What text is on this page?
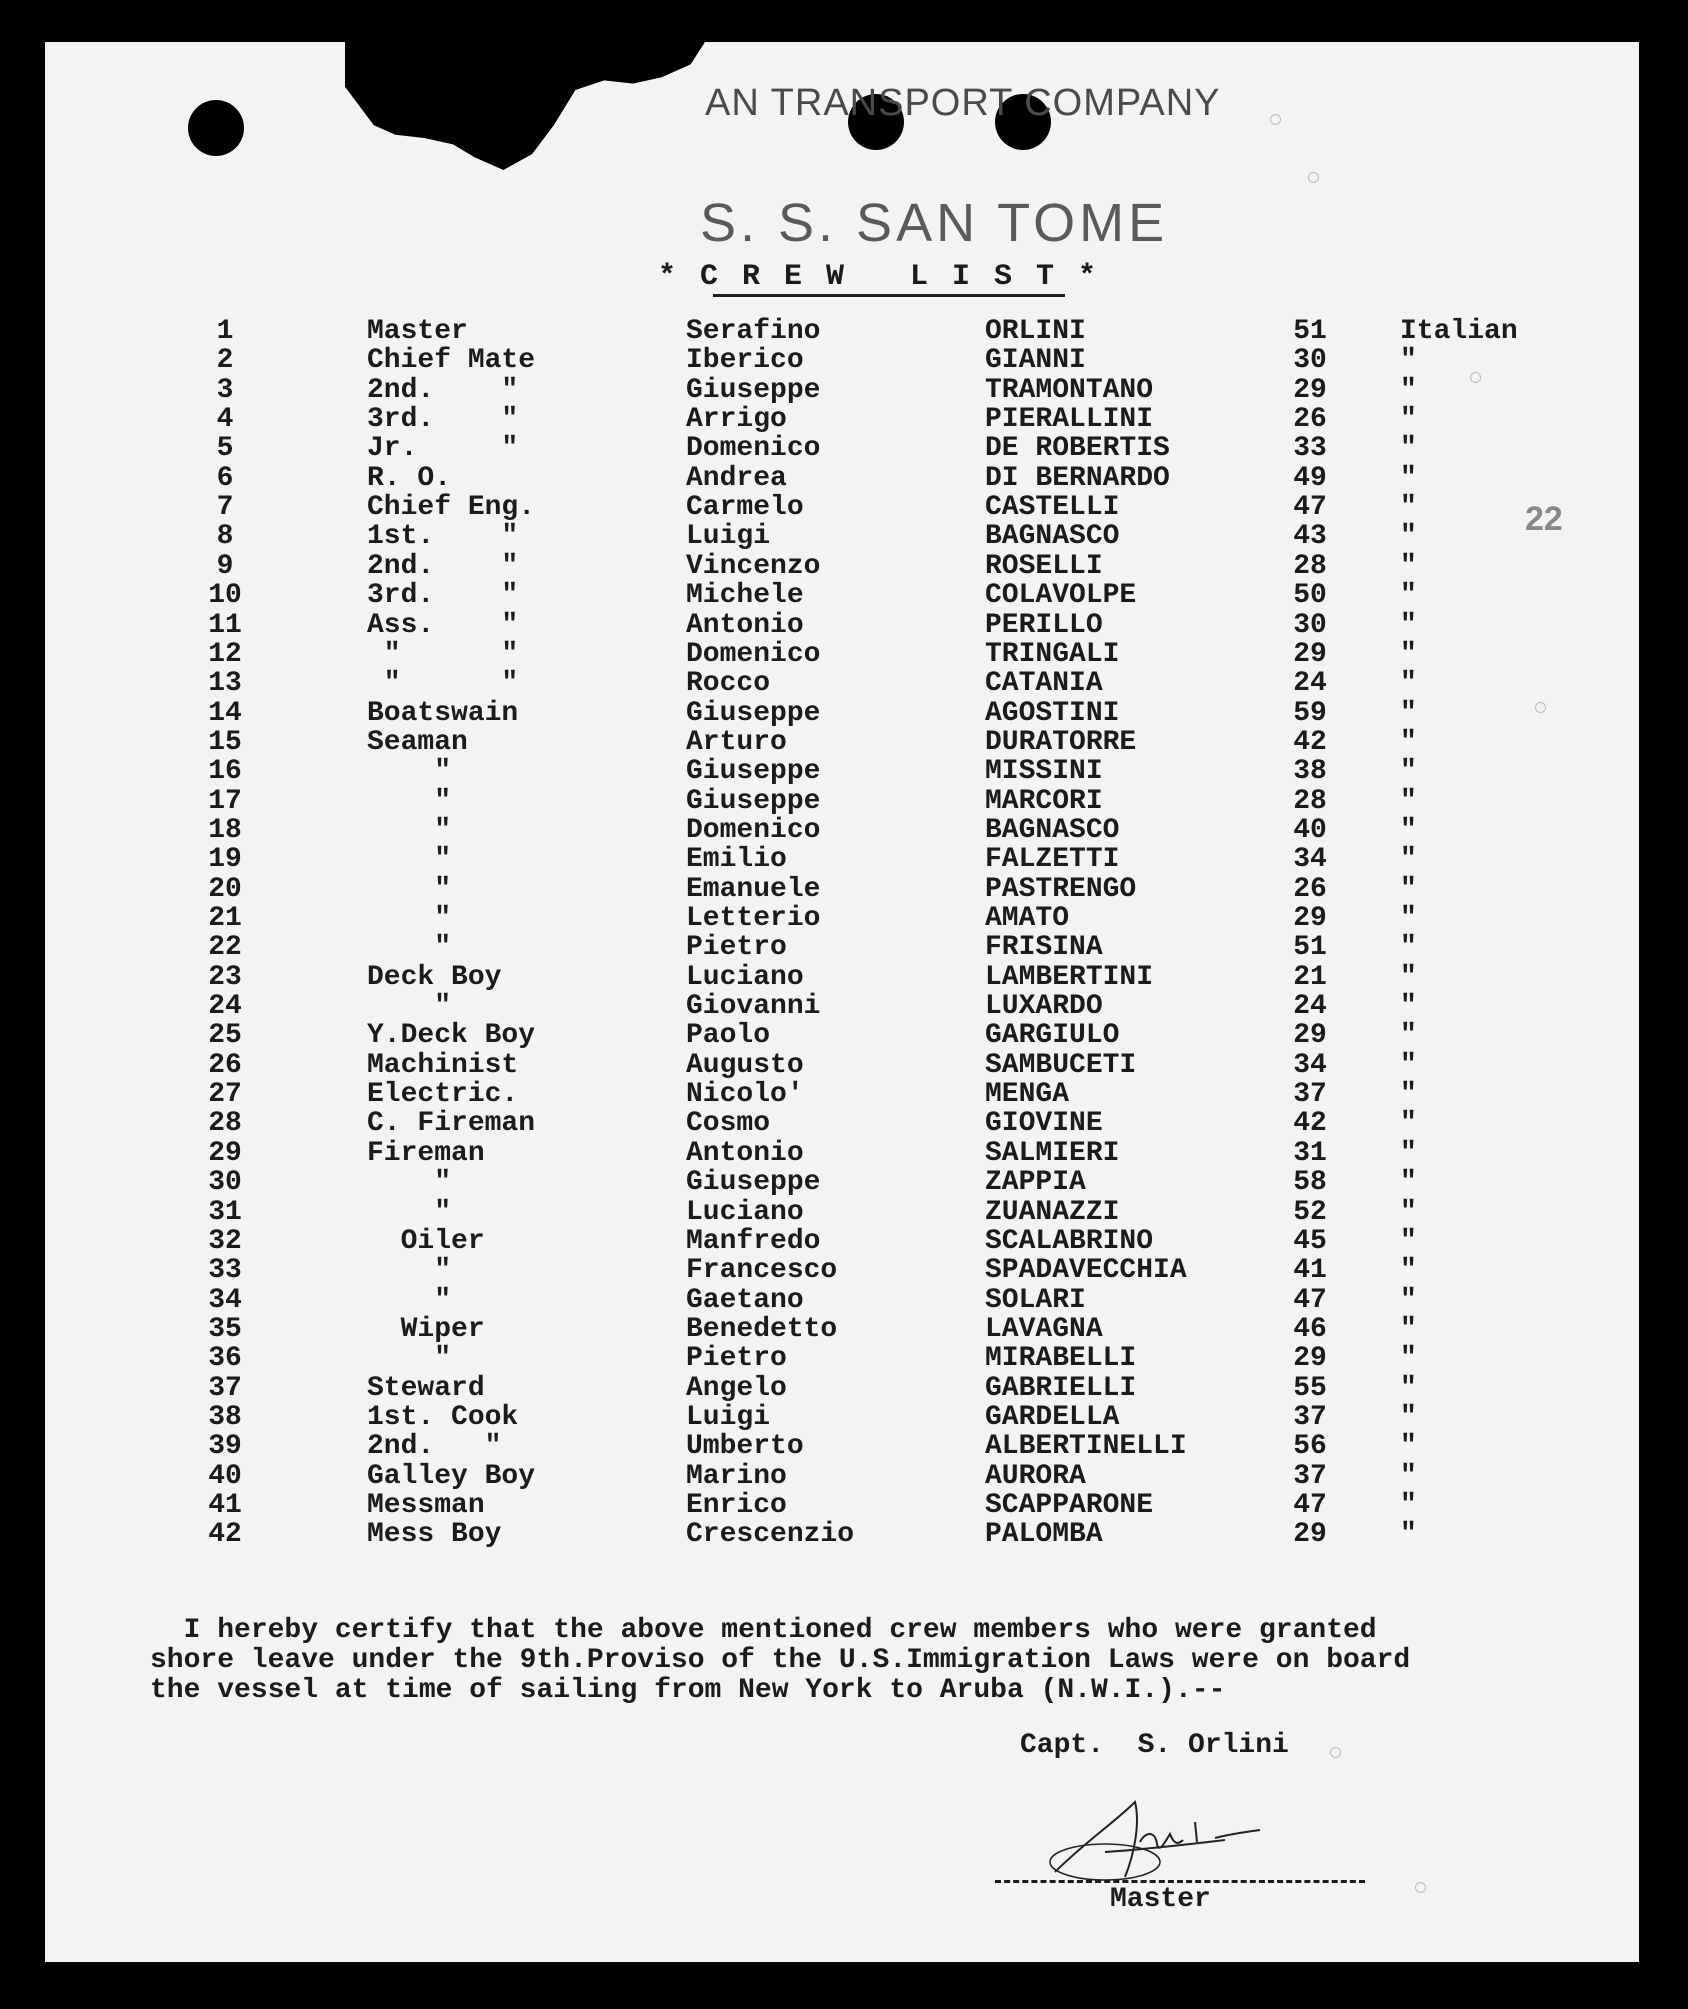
AN TRANSPORT COMPANY
S. S. SAN TOME
* C R E W   L I S T *
22
1	Master	Serafino	ORLINI	51	Italian
2	Chief Mate	Iberico	GIANNI	30	"
3	2nd.    "	Giuseppe	TRAMONTANO	29	"
4	3rd.    "	Arrigo	PIERALLINI	26	"
5	Jr.     "	Domenico	DE ROBERTIS	33	"
6	R. O.	Andrea	DI BERNARDO	49	"
7	Chief Eng.	Carmelo	CASTELLI	47	"
8	1st.    "	Luigi	BAGNASCO	43	"
9	2nd.    "	Vincenzo	ROSELLI	28	"
10	3rd.    "	Michele	COLAVOLPE	50	"
11	Ass.    "	Antonio	PERILLO	30	"
12	"      "	Domenico	TRINGALI	29	"
13	"      "	Rocco	CATANIA	24	"
14	Boatswain	Giuseppe	AGOSTINI	59	"
15	Seaman	Arturo	DURATORRE	42	"
16	"	Giuseppe	MISSINI	38	"
17	"	Giuseppe	MARCORI	28	"
18	"	Domenico	BAGNASCO	40	"
19	"	Emilio	FALZETTI	34	"
20	"	Emanuele	PASTRENGO	26	"
21	"	Letterio	AMATO	29	"
22	"	Pietro	FRISINA	51	"
23	Deck Boy	Luciano	LAMBERTINI	21	"
24	"	Giovanni	LUXARDO	24	"
25	Y.Deck Boy	Paolo	GARGIULO	29	"
26	Machinist	Augusto	SAMBUCETI	34	"
27	Electric.	Nicolo'	MENGA	37	"
28	C. Fireman	Cosmo	GIOVINE	42	"
29	Fireman	Antonio	SALMIERI	31	"
30	"	Giuseppe	ZAPPIA	58	"
31	"	Luciano	ZUANAZZI	52	"
32	Oiler	Manfredo	SCALABRINO	45	"
33	"	Francesco	SPADAVECCHIA	41	"
34	"	Gaetano	SOLARI	47	"
35	Wiper	Benedetto	LAVAGNA	46	"
36	"	Pietro	MIRABELLI	29	"
37	Steward	Angelo	GABRIELLI	55	"
38	1st. Cook	Luigi	GARDELLA	37	"
39	2nd.   "	Umberto	ALBERTINELLI	56	"
40	Galley Boy	Marino	AURORA	37	"
41	Messman	Enrico	SCAPPARONE	47	"
42	Mess Boy	Crescenzio	PALOMBA	29	"
I hereby certify that the above mentioned crew members who were granted
shore leave under the 9th.Proviso of the U.S.Immigration Laws were on board
the vessel at time of sailing from New York to Aruba (N.W.I.).--
Capt.  S. Orlini
Master
